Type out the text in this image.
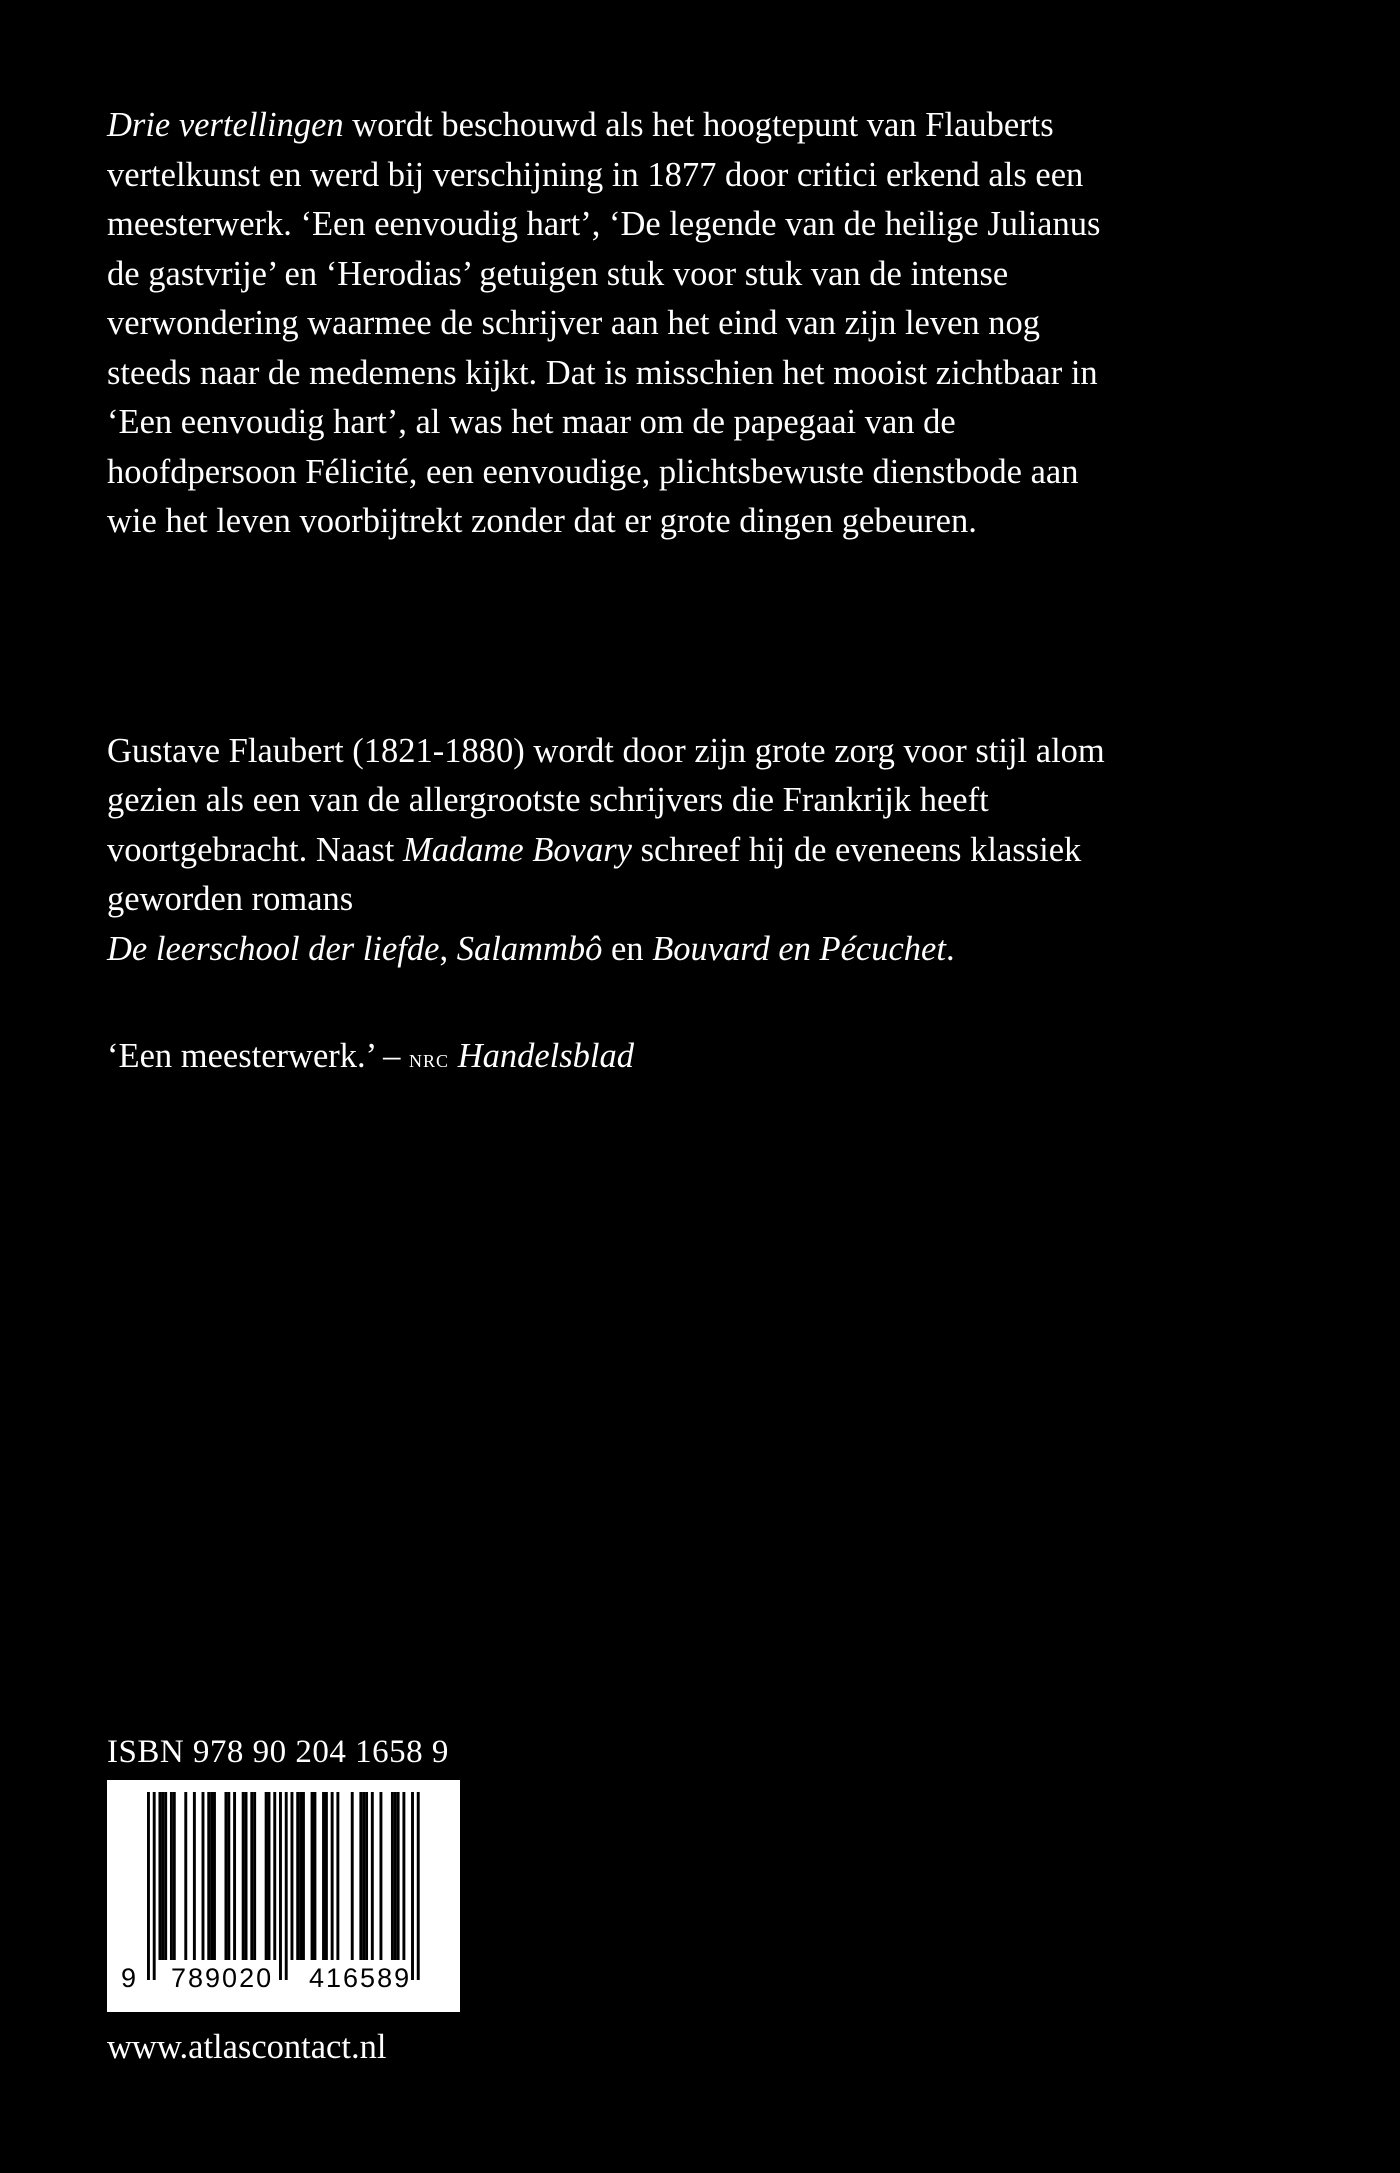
Drie vertellingen wordt beschouwd als het hoogtepunt van Flauberts vertelkunst en werd bij verschijning in 1877 door critici erkend als een meesterwerk. ‘Een eenvoudig hart’, ‘De legende van de heilige Julianus de gastvrije’ en ‘Herodias’ getuigen stuk voor stuk van de intense verwondering waarmee de schrijver aan het eind van zijn leven nog steeds naar de medemens kijkt. Dat is misschien het mooist zichtbaar in ‘Een eenvoudig hart’, al was het maar om de papegaai van de hoofdpersoon Félicité, een eenvoudige, plichtsbewuste dienstbode aan wie het leven voorbijtrekt zonder dat er grote dingen gebeuren.

Gustave Flaubert (1821-1880) wordt door zijn grote zorg voor stijl alom gezien als een van de allergrootste schrijvers die Frankrijk heeft voortgebracht. Naast Madame Bovary schreef hij de eveneens klassiek geworden romans
De leerschool der liefde, Salammbô en Bouvard en Pécuchet.

‘Een meesterwerk.’ – nrc Handelsblad
ISBN 978 90 204 1658 9
9 789020 416589
www.atlascontact.nl
